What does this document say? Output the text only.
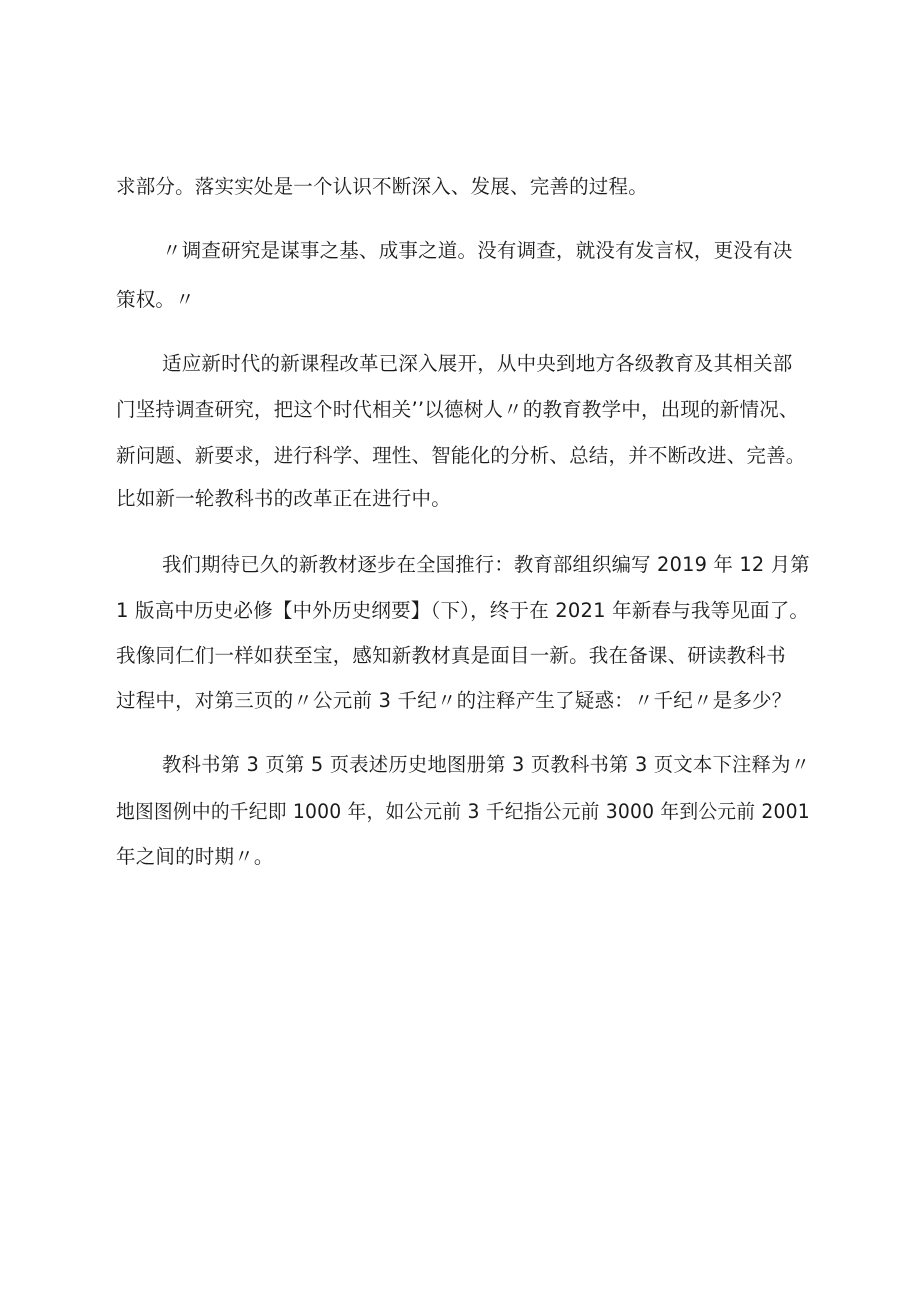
求部分。落实实处是一个认识不断深入、发展、完善的过程。

〃调查研究是谋事之基、成事之道。没有调查，就没有发言权，更没有决

策权。〃

适应新时代的新课程改革已深入展开，从中央到地方各级教育及其相关部

门坚持调查研究，把这个时代相关’’以德树人〃的教育教学中，出现的新情况、

新问题、新要求，进行科学、理性、智能化的分析、总结，并不断改进、完善。

比如新一轮教科书的改革正在进行中。

我们期待已久的新教材逐步在全国推行：教育部组织编写 2019 年 12 月第

1 版高中历史必修【中外历史纲要】（下），终于在 2021 年新春与我等见面了。

我像同仁们一样如获至宝，感知新教材真是面目一新。我在备课、研读教科书

过程中，对第三页的〃公元前 3 千纪〃的注释产生了疑惑：〃千纪〃是多少？

教科书第 3 页第 5 页表述历史地图册第 3 页教科书第 3 页文本下注释为〃

地图图例中的千纪即 1000 年，如公元前 3 千纪指公元前 3000 年到公元前 2001

年之间的时期〃。
